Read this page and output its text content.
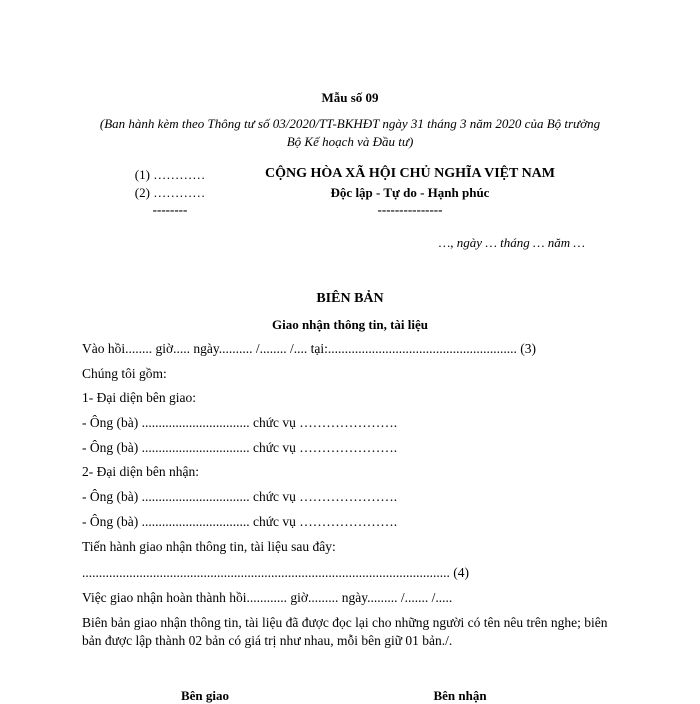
Mẫu số 09
(Ban hành kèm theo Thông tư số 03/2020/TT-BKHĐT ngày 31 tháng 3 năm 2020 của Bộ trưởng
Bộ Kế hoạch và Đầu tư)
(1) …………
(2) …………
--------
CỘNG HÒA XÃ HỘI CHỦ NGHĨA VIỆT NAM
Độc lập - Tự do - Hạnh phúc
---------------
…, ngày … tháng … năm …
BIÊN BẢN
Giao nhận thông tin, tài liệu
Vào hồi........ giờ..... ngày.......... /........ /.... tại:........................................................ (3)
Chúng tôi gồm:
1- Đại diện bên giao:
- Ông (bà) ................................ chức vụ ………………….
- Ông (bà) ................................ chức vụ ………………….
2- Đại diện bên nhận:
- Ông (bà) ................................ chức vụ ………………….
- Ông (bà) ................................ chức vụ ………………….
Tiến hành giao nhận thông tin, tài liệu sau đây:
............................................................................................................. (4)
Việc giao nhận hoàn thành hồi............ giờ......... ngày......... /....... /.....
Biên bản giao nhận thông tin, tài liệu đã được đọc lại cho những người có tên nêu trên nghe; biên
bản được lập thành 02 bản có giá trị như nhau, mỗi bên giữ 01 bản./.
Bên giao	Bên nhận
